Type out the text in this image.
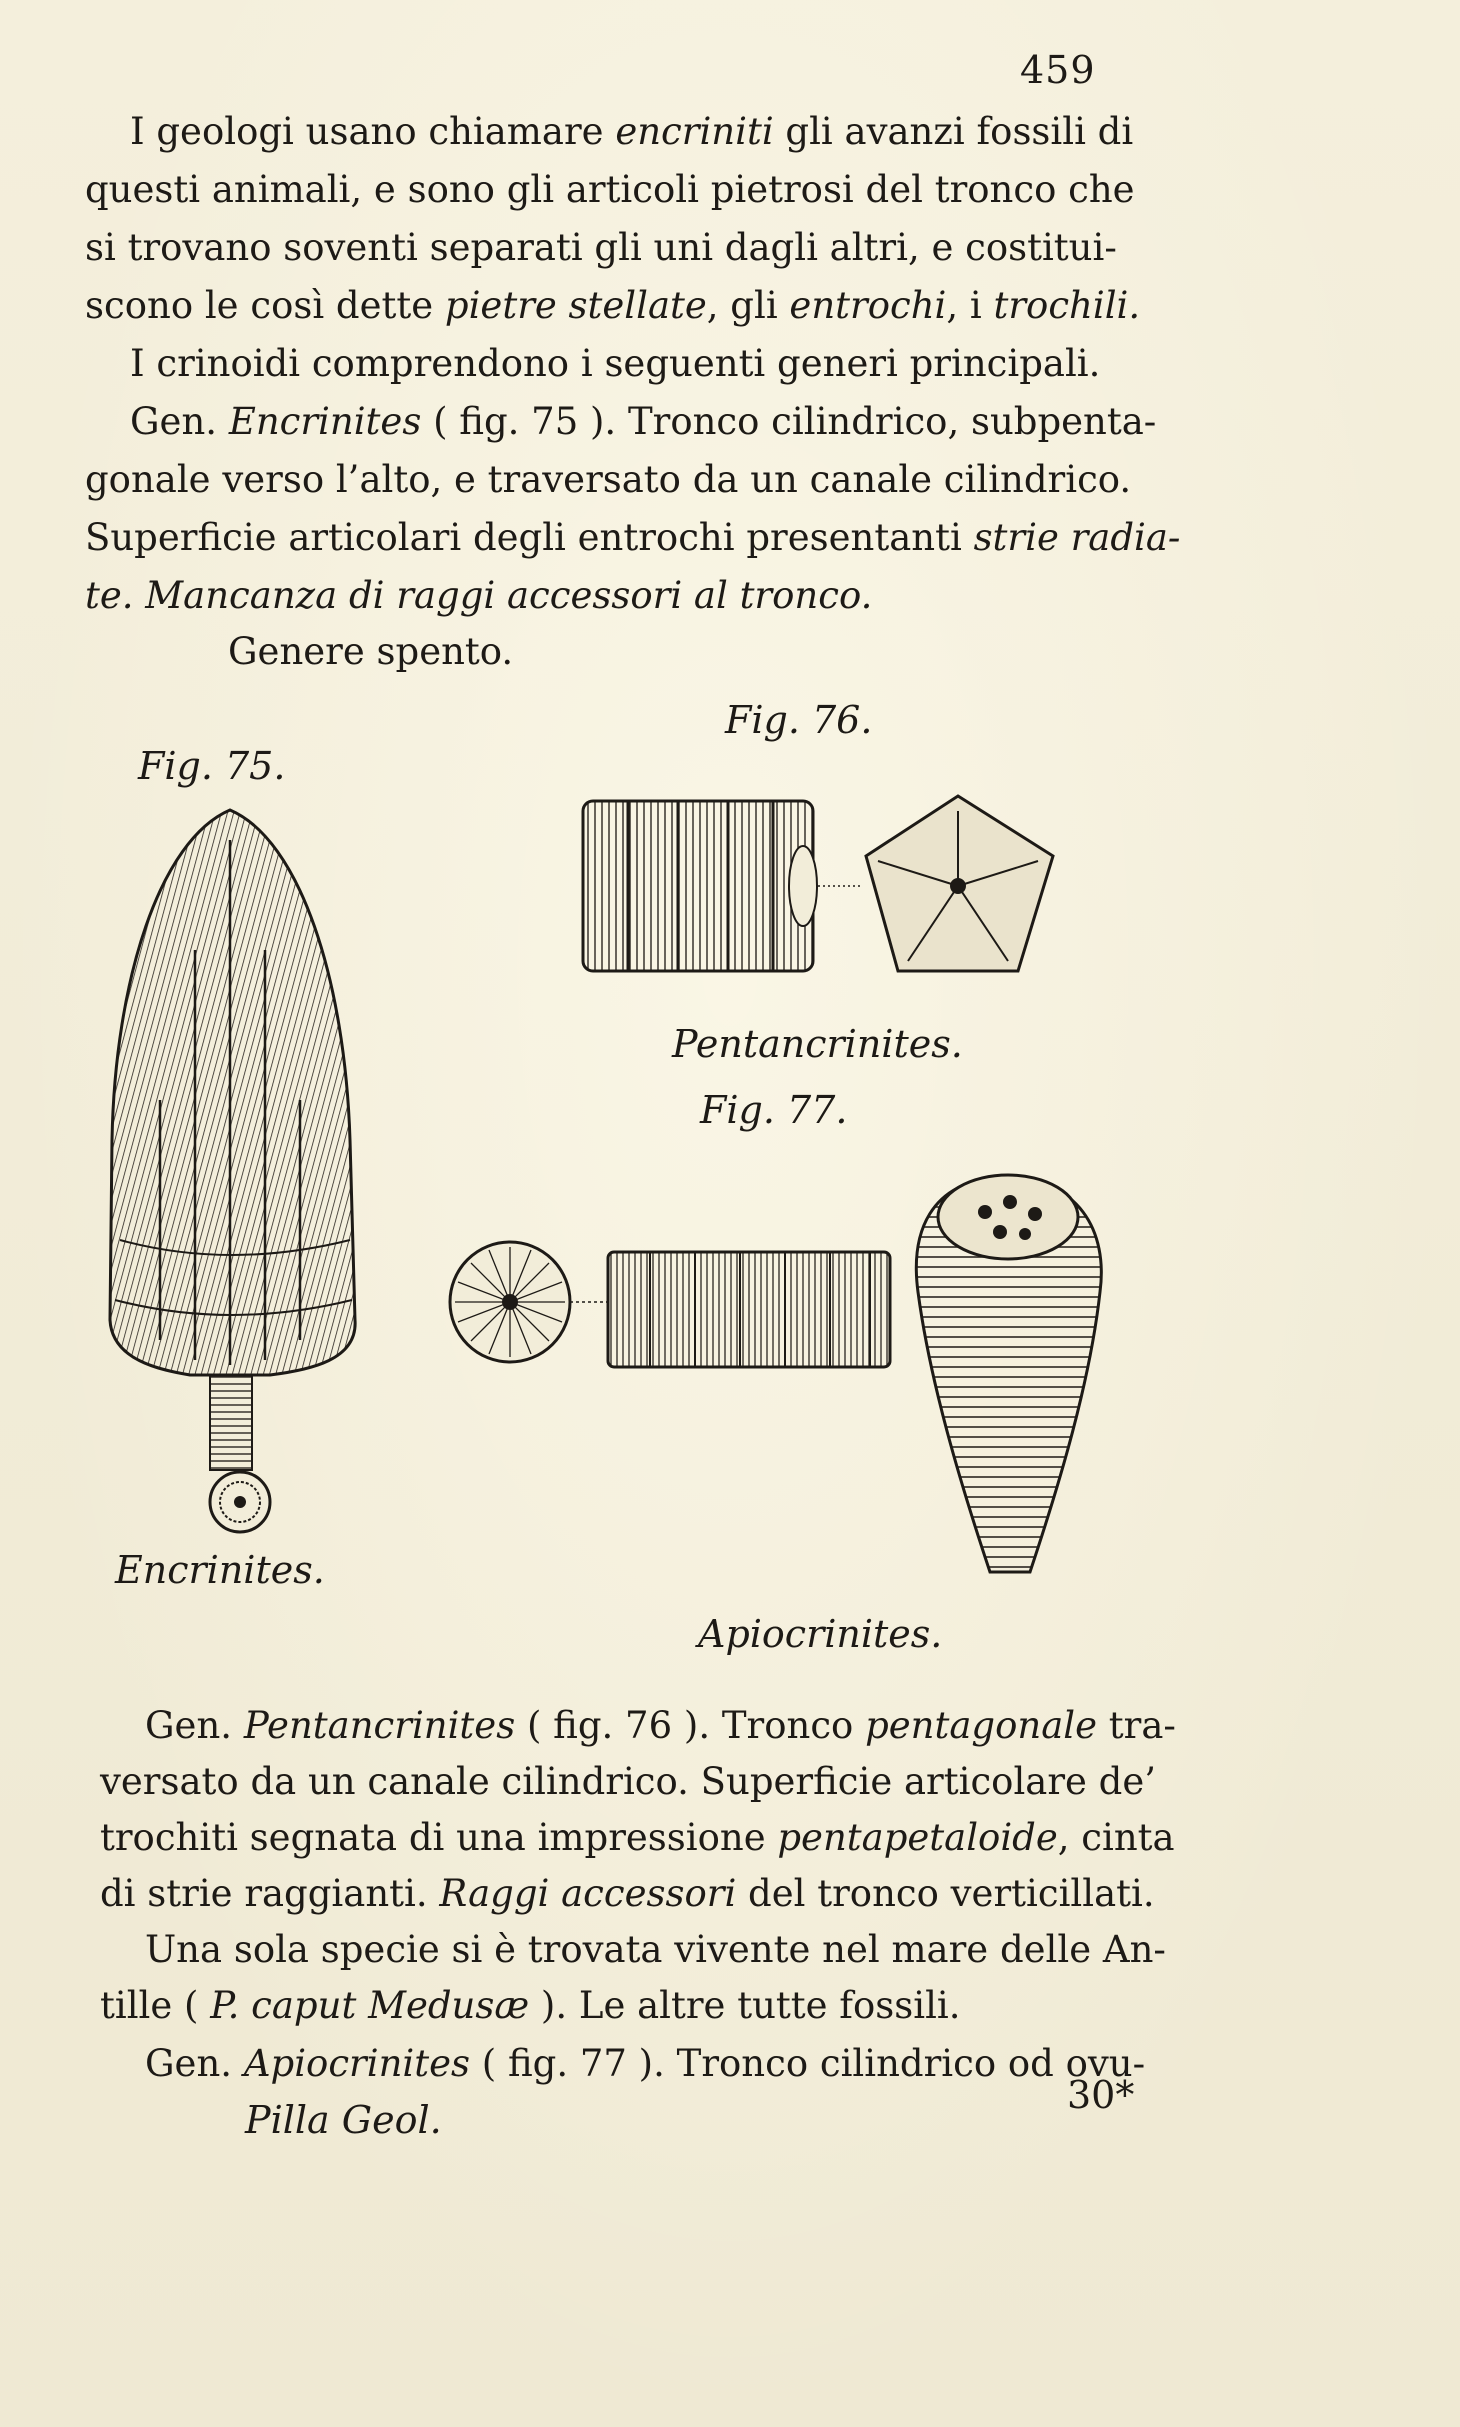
459
I geologi usano chiamare encriniti gli avanzi fossili di
questi animali, e sono gli articoli pietrosi del tronco che
si trovano soventi separati gli uni dagli altri, e costitui-
scono le così dette pietre stellate, gli entrochi, i trochili.
I crinoidi comprendono i seguenti generi principali.
Gen. Encrinites ( fig. 75 ). Tronco cilindrico, subpenta-
gonale verso l’alto, e traversato da un canale cilindrico.
Superficie articolari degli entrochi presentanti strie radia-
te. Mancanza di raggi accessori al tronco.
Genere spento.
Fig. 76.
Fig. 75.
Pentancrinites.
Fig. 77.
Encrinites.
Apiocrinites.
Gen. Pentancrinites ( fig. 76 ). Tronco pentagonale tra-
versato da un canale cilindrico. Superficie articolare de’
trochiti segnata di una impressione pentapetaloide, cinta
di strie raggianti. Raggi accessori del tronco verticillati.
Una sola specie si è trovata vivente nel mare delle An-
tille ( P. caput Medusæ ). Le altre tutte fossili.
Gen. Apiocrinites ( fig. 77 ). Tronco cilindrico od ovu-
30*
Pilla Geol.
